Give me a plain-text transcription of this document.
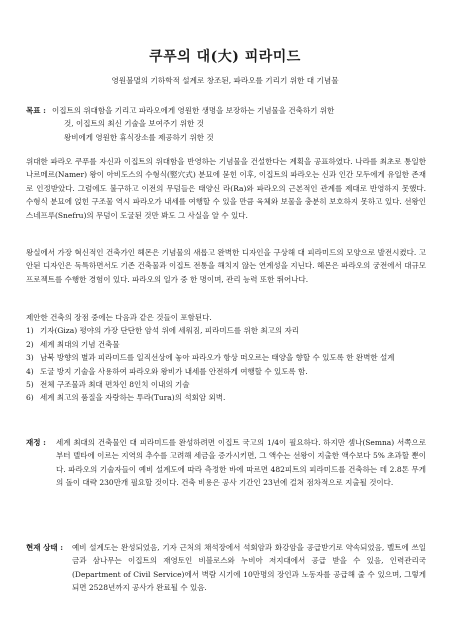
쿠푸의 대(大) 피라미드
영원불멸의 기하학적 설계로 창조된, 파라오를 기리기 위한 대 기념물
목표 : 이집트의 위대함을 기리고 파라오에게 영원한 생명을 보장하는 기념물을 건축하기 위한
것, 이집트의 최신 기술을 보여주기 위한 것
왕비에게 영원한 휴식장소를 제공하기 위한 것
위대한 파라오 쿠푸를 자신과 이집트의 위대함을 반영하는 기념물을 건설한다는 계획을 공표하였다. 나라를 최초로 통일한 나르메르(Namer) 왕이 아비도스의 수형식(竪穴式) 분묘에 묻힌 이후, 이집트의 파라오는 신과 인간 모두에게 유일한 존재로 인정받았다. 그럼에도 불구하고 이전의 무덤들은 태양신 라(Ra)와 파라오의 근본적인 관계를 제대로 반영하지 못했다. 수형식 분묘에 얹힌 구조물 역시 파라오가 내세를 여행할 수 있을 만큼 육체와 보물을 충분히 보호하지 못하고 있다. 선왕인 스네프루(Snefru)의 무덤이 도굴된 것만 봐도 그 사실을 알 수 있다.
왕실에서 가장 혁신적인 건축가인 헤몬은 기념물의 새롭고 완벽한 디자인을 구상해 대 피라미드의 모양으로 발전시켰다. 고안된 디자인은 독특하면서도 기존 건축물과 이집트 전통을 해치지 않는 연계성을 지닌다. 헤몬은 파라오의 궁전에서 대규모 프로젝트를 수행한 경험이 있다. 파라오의 일가 중 한 명이며, 관리 능력 또한 뛰어나다.
제안한 건축의 장점 중에는 다음과 같은 것들이 포함된다.
1) 기자(Giza) 평야의 가장 단단한 암석 위에 세워짐, 피라미드를 위한 최고의 자리
2) 세계 최대의 기념 건축물
3) 남북 방향의 별과 피라미드를 일직선상에 놓아 파라오가 항상 떠오르는 태양을 향할 수 있도록 한 완벽한 설계
4) 도굴 방지 기술을 사용하여 파라오와 왕비가 내세를 안전하게 여행할 수 있도록 함.
5) 전체 구조물과 최대 편차인 8인치 이내의 기술
6) 세계 최고의 품질을 자랑하는 투라(Tura)의 석회암 외벽.
재정 :	세계 최대의 건축물인 대 피라미드를 완성하려면 이집트 국고의 1/4이 필요하다. 하지만 셈나(Semna) 서쪽으로부터 델타에 이르는 지역의 추수를 고려해 세금을 증가시키면, 그 액수는 선왕이 지출한 액수보다 5% 초과할 뿐이다. 파라오의 기술자들이 예비 설계도에 따라 측정한 바에 따르면 482피트의 피라미드를 건축하는 데 2.8톤 무게의 돌이 대략 230만개 필요할 것이다. 건축 비용은 공사 기간인 23년에 걸쳐 점차적으로 지출될 것이다.
현재 상태 :	예비 설계도는 완성되었음, 기자 근처의 채석장에서 석회암과 화강암을 공급받기로 약속되었음, 벨트에 쓰일 금과 삼나무는 이집트의 재영토인 비블로스와 누비아 저지대에서 공급 받을 수 있음, 인력관리국(Department of Civil Service)에서 벽람 시기에 10만명의 장인과 노동자를 공급해 줄 수 있으며, 그렇게 되면 2528년까지 공사가 완료될 수 있음.
